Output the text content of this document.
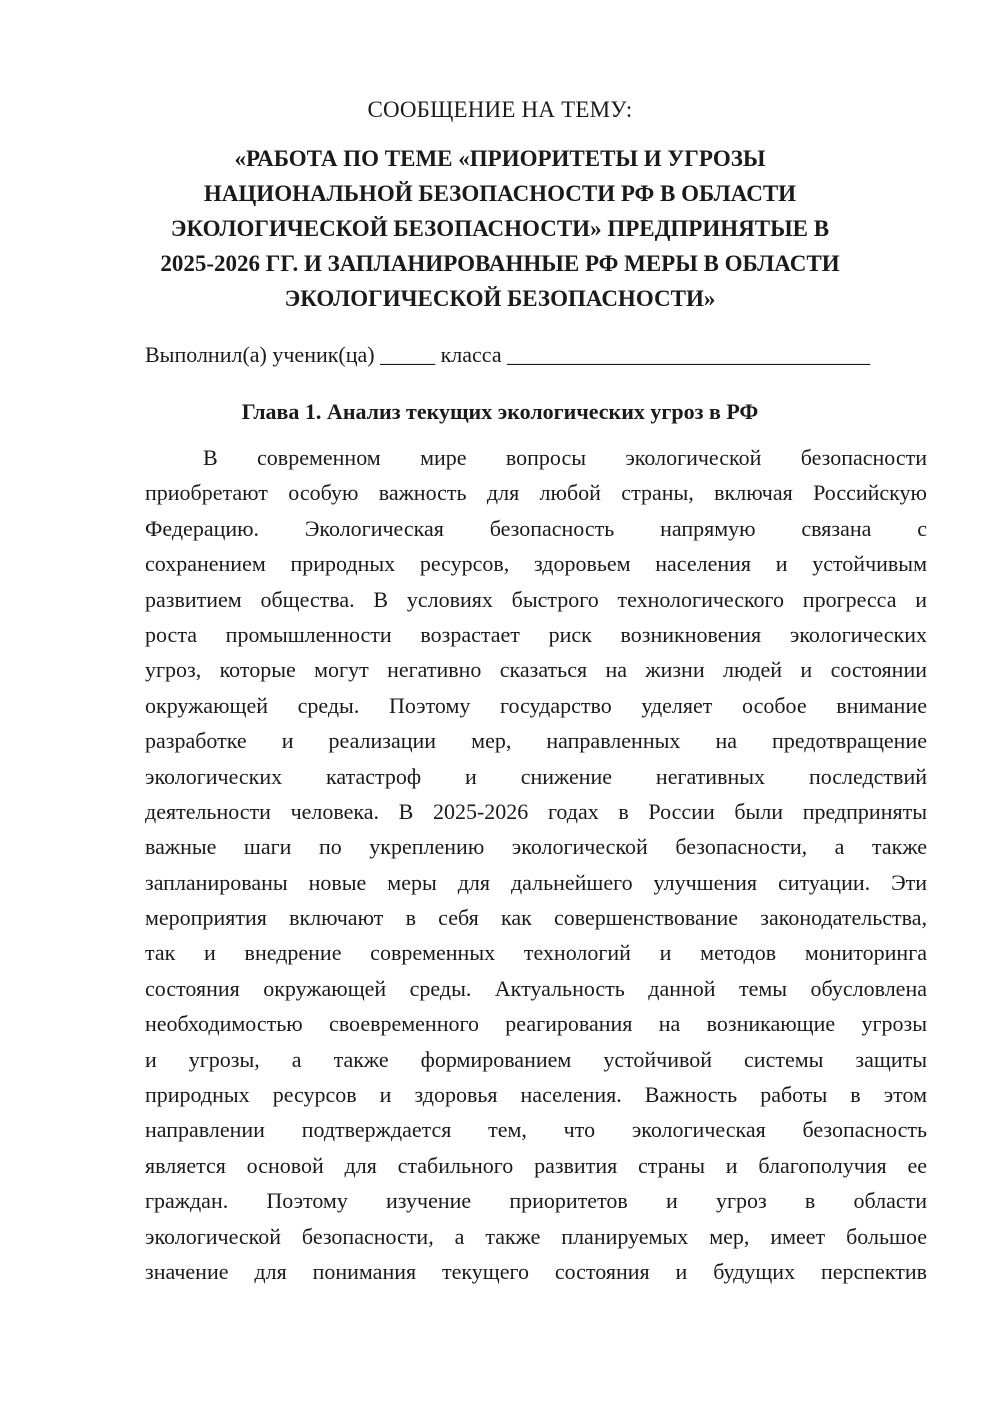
СООБЩЕНИЕ НА ТЕМУ:

«РАБОТА ПО ТЕМЕ «ПРИОРИТЕТЫ И УГРОЗЫ

НАЦИОНАЛЬНОЙ БЕЗОПАСНОСТИ РФ В ОБЛАСТИ

ЭКОЛОГИЧЕСКОЙ БЕЗОПАСНОСТИ» ПРЕДПРИНЯТЫЕ В

2025-2026 ГГ. И ЗАПЛАНИРОВАННЫЕ РФ МЕРЫ В ОБЛАСТИ

ЭКОЛОГИЧЕСКОЙ БЕЗОПАСНОСТИ»

Выполнил(а) ученик(ца) _____ класса _________________________________

Глава 1. Анализ текущих экологических угроз в РФ

В современном мире вопросы экологической безопасности
приобретают особую важность для любой страны, включая Российскую
Федерацию. Экологическая безопасность напрямую связана с
сохранением природных ресурсов, здоровьем населения и устойчивым
развитием общества. В условиях быстрого технологического прогресса и
роста промышленности возрастает риск возникновения экологических
угроз, которые могут негативно сказаться на жизни людей и состоянии
окружающей среды. Поэтому государство уделяет особое внимание
разработке и реализации мер, направленных на предотвращение
экологических катастроф и снижение негативных последствий
деятельности человека. В 2025-2026 годах в России были предприняты
важные шаги по укреплению экологической безопасности, а также
запланированы новые меры для дальнейшего улучшения ситуации. Эти
мероприятия включают в себя как совершенствование законодательства,
так и внедрение современных технологий и методов мониторинга
состояния окружающей среды. Актуальность данной темы обусловлена
необходимостью своевременного реагирования на возникающие угрозы
и угрозы, а также формированием устойчивой системы защиты
природных ресурсов и здоровья населения. Важность работы в этом
направлении подтверждается тем, что экологическая безопасность
является основой для стабильного развития страны и благополучия ее
граждан. Поэтому изучение приоритетов и угроз в области
экологической безопасности, а также планируемых мер, имеет большое
значение для понимания текущего состояния и будущих перспектив
